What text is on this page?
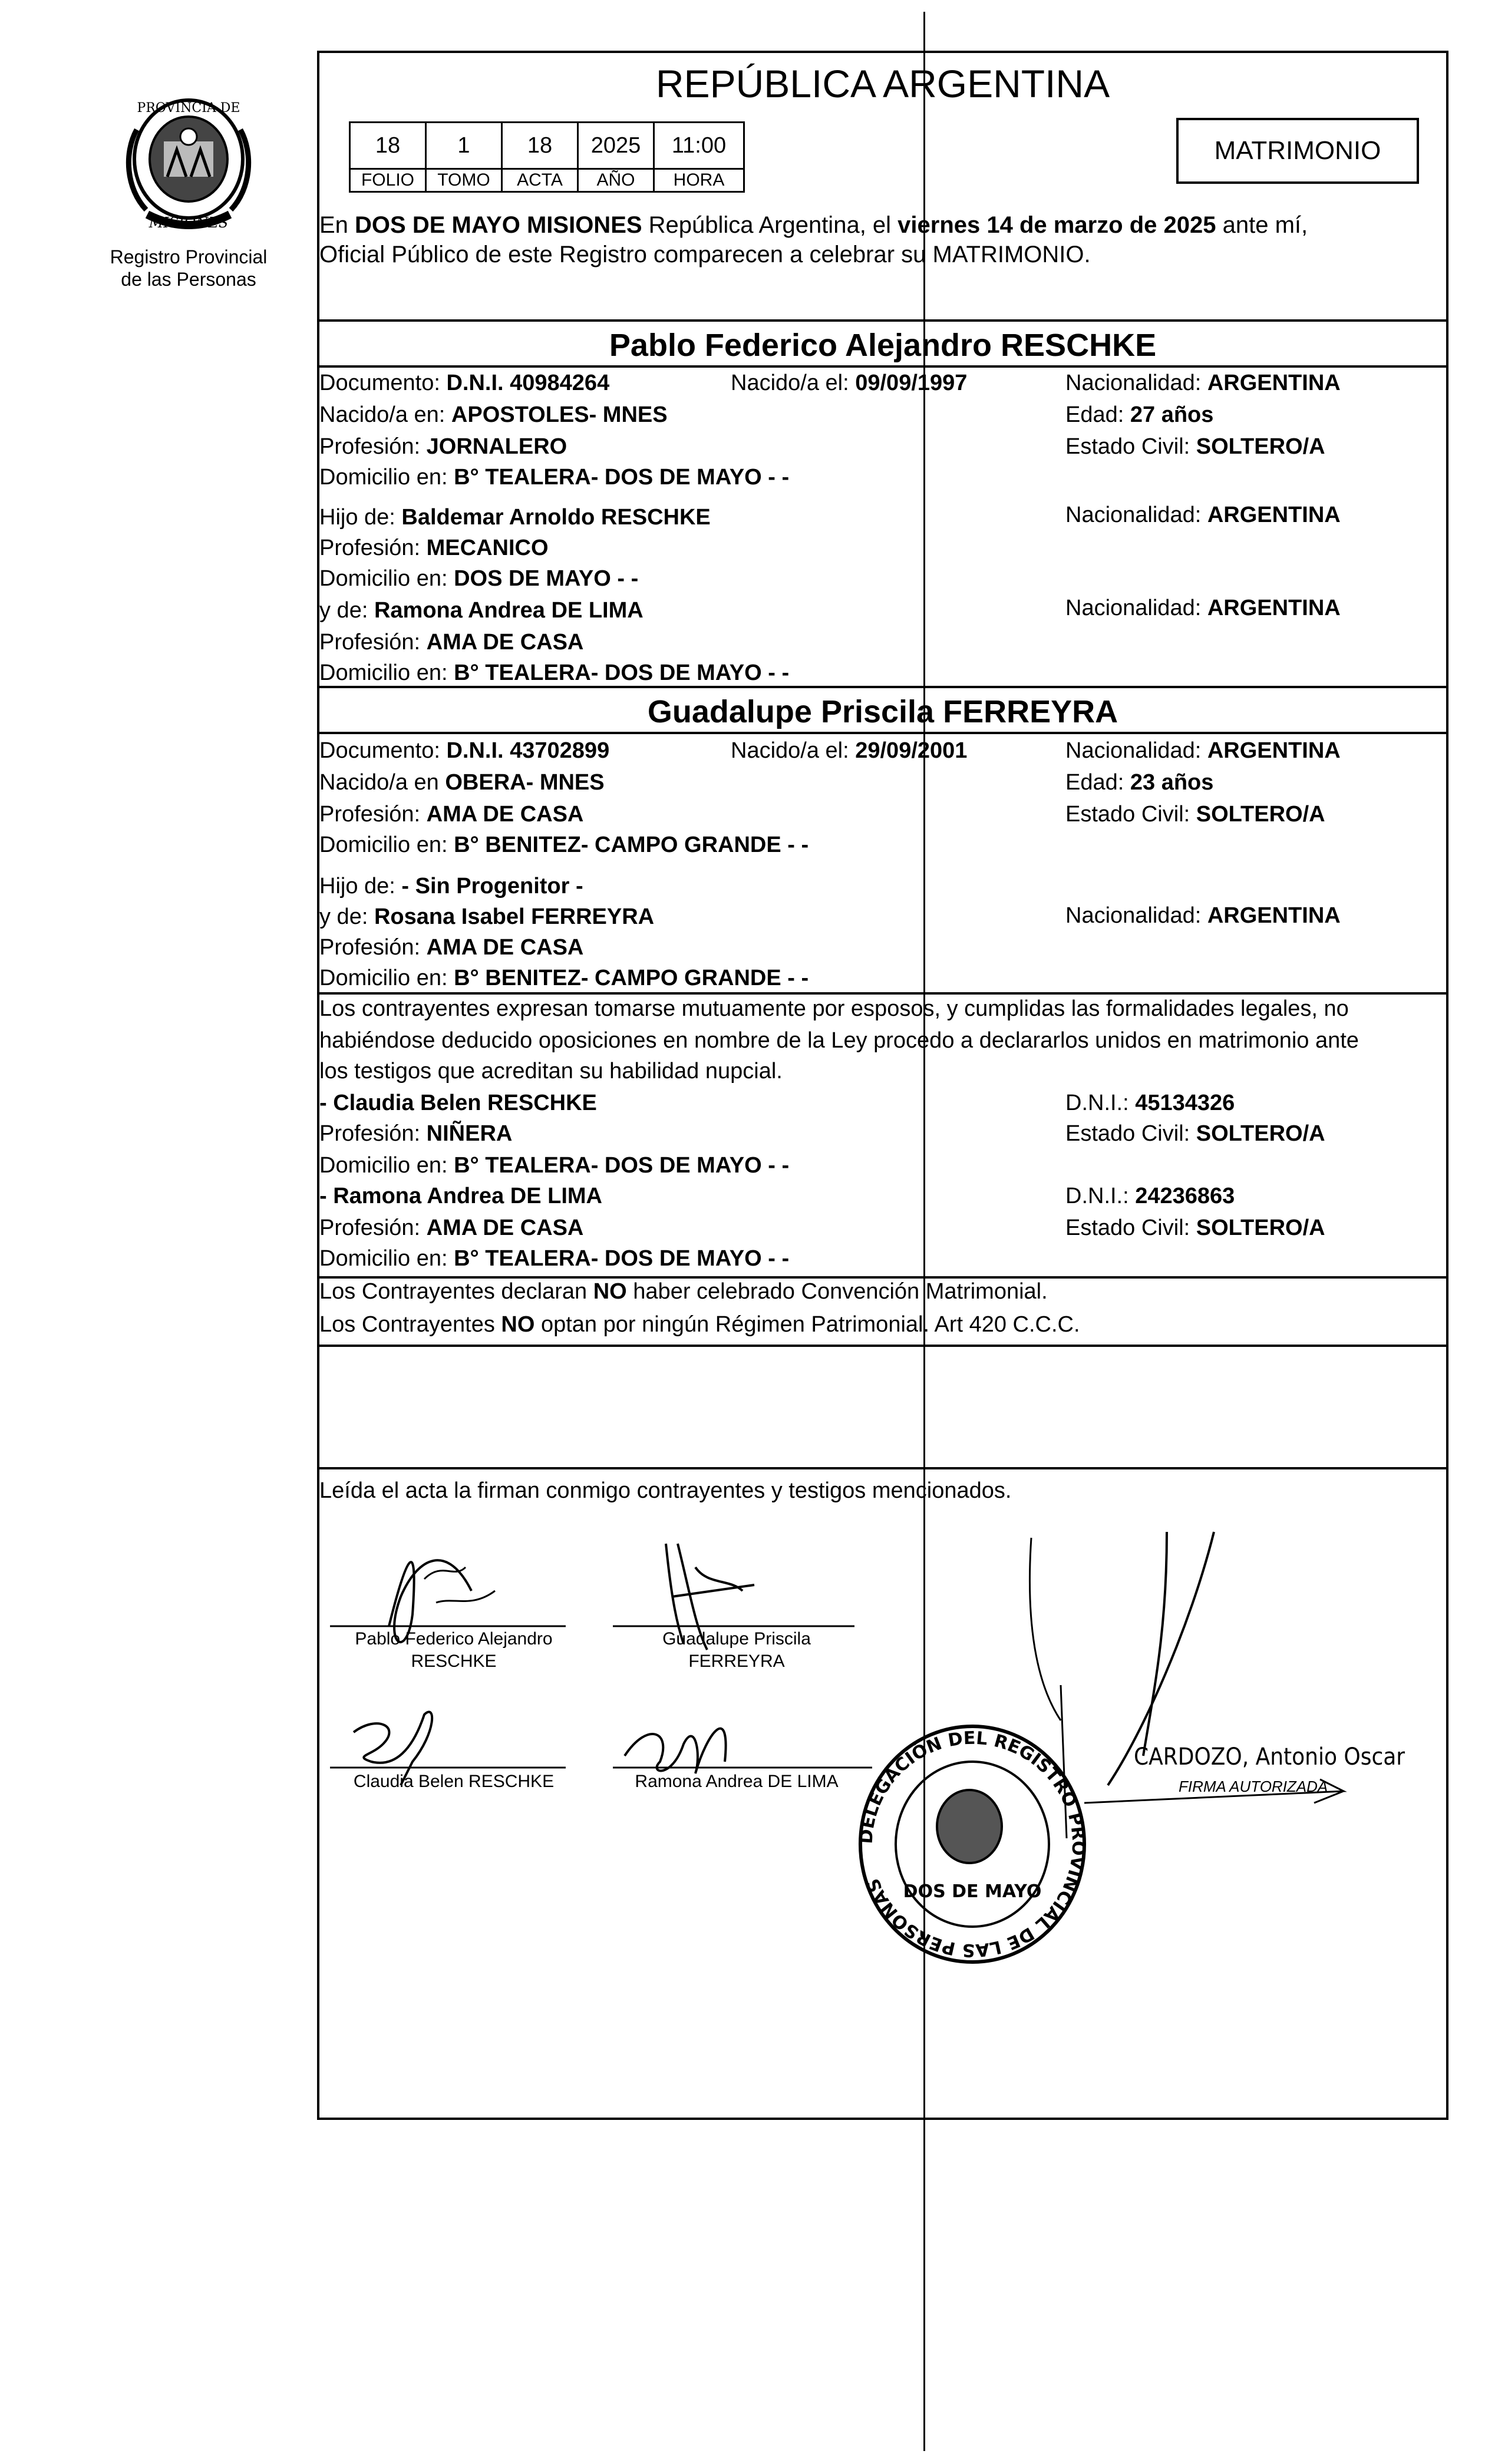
PROVINCIA DE
MISIONES
Registro Provincial
de las Personas
REPÚBLICA ARGENTINA
18	1	18	2025	11:00
FOLIO	TOMO	ACTA	AÑO	HORA
MATRIMONIO
En DOS DE MAYO MISIONES República Argentina, el viernes 14 de marzo de 2025 ante mí,
Oficial Público de este Registro comparecen a celebrar su MATRIMONIO.
Pablo Federico Alejandro RESCHKE
Documento: D.N.I. 40984264	Nacido/a el: 09/09/1997	Nacionalidad: ARGENTINA
Nacido/a en: APOSTOLES- MNES	Edad: 27 años
Profesión: JORNALERO	Estado Civil: SOLTERO/A
Domicilio en: B° TEALERA- DOS DE MAYO - -
Hijo de: Baldemar Arnoldo RESCHKE	Nacionalidad: ARGENTINA
Profesión: MECANICO
Domicilio en: DOS DE MAYO - -
y de: Ramona Andrea DE LIMA	Nacionalidad: ARGENTINA
Profesión: AMA DE CASA
Domicilio en: B° TEALERA- DOS DE MAYO - -
Guadalupe Priscila FERREYRA
Documento: D.N.I. 43702899	Nacido/a el: 29/09/2001	Nacionalidad: ARGENTINA
Nacido/a en OBERA- MNES	Edad: 23 años
Profesión: AMA DE CASA	Estado Civil: SOLTERO/A
Domicilio en: B° BENITEZ- CAMPO GRANDE - -
Hijo de: - Sin Progenitor -
y de: Rosana Isabel FERREYRA	Nacionalidad: ARGENTINA
Profesión: AMA DE CASA
Domicilio en: B° BENITEZ- CAMPO GRANDE - -
Los contrayentes expresan tomarse mutuamente por esposos, y cumplidas las formalidades legales, no
habiéndose deducido oposiciones en nombre de la Ley procedo a declararlos unidos en matrimonio ante
los testigos que acreditan su habilidad nupcial.
- Claudia Belen RESCHKE	D.N.I.: 45134326
Profesión: NIÑERA	Estado Civil: SOLTERO/A
Domicilio en: B° TEALERA- DOS DE MAYO - -
- Ramona Andrea DE LIMA	D.N.I.: 24236863
Profesión: AMA DE CASA	Estado Civil: SOLTERO/A
Domicilio en: B° TEALERA- DOS DE MAYO - -
Los Contrayentes declaran NO haber celebrado Convención Matrimonial.
Los Contrayentes NO optan por ningún Régimen Patrimonial. Art 420 C.C.C.
Leída el acta la firman conmigo contrayentes y testigos mencionados.
Pablo Federico Alejandro
RESCHKE
Guadalupe Priscila
FERREYRA
Claudia Belen RESCHKE	Ramona Andrea DE LIMA
CARDOZO, Antonio Oscar
FIRMA AUTORIZADA
DELEGACIÓN DEL REGISTRO PROVINCIAL DE LAS PERSONAS DOS DE MAYO
